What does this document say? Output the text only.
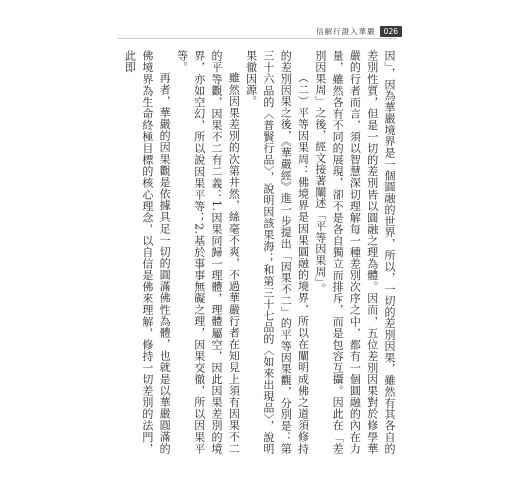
信解行證入華嚴	026

因」，因為華嚴境界是一個圓融的世界，所以，一切的差別因果，雖然有其各自的差別性質，但是一切的差別皆以圓融之理為體。因而，五位差別因果對於修學華嚴的行者而言，須以智慧深切理解每一種差別次序之中，都有一個圓融的內在力量，雖然各有不同的展現，卻不是各自獨立而排斥，而是包容互攝。因此在「差別因果周」之後，經文接著闡述「平等因果周」。

（二）平等因果周：佛境界是因果圓融的境界，所以在闡明成佛之道須修持的差別因果之後，《華嚴經》進一步提出「因果不二」的平等因果觀，分別是：第三十六品的〈普賢行品〉，說明因該果海；和第三十七品的〈如來出現品〉，說明果徹因源。

雖然因果差別的次第井然，絲毫不爽，不過華嚴行者在知見上須有因果不二的平等觀，因果不二有二義：1.因果同歸一理體，理體屬空，因此因果差別的境界，亦如空幻，所以說因果平等；2.基於事事無礙之理，因果交徹，所以因果平等。

再者，華嚴的因果觀是依據具足一切的圓滿佛性為體，也就是以華嚴圓滿的佛境界為生命終極目標的核心理念，以自信是佛來理解，修持一切差別的法門，此即
